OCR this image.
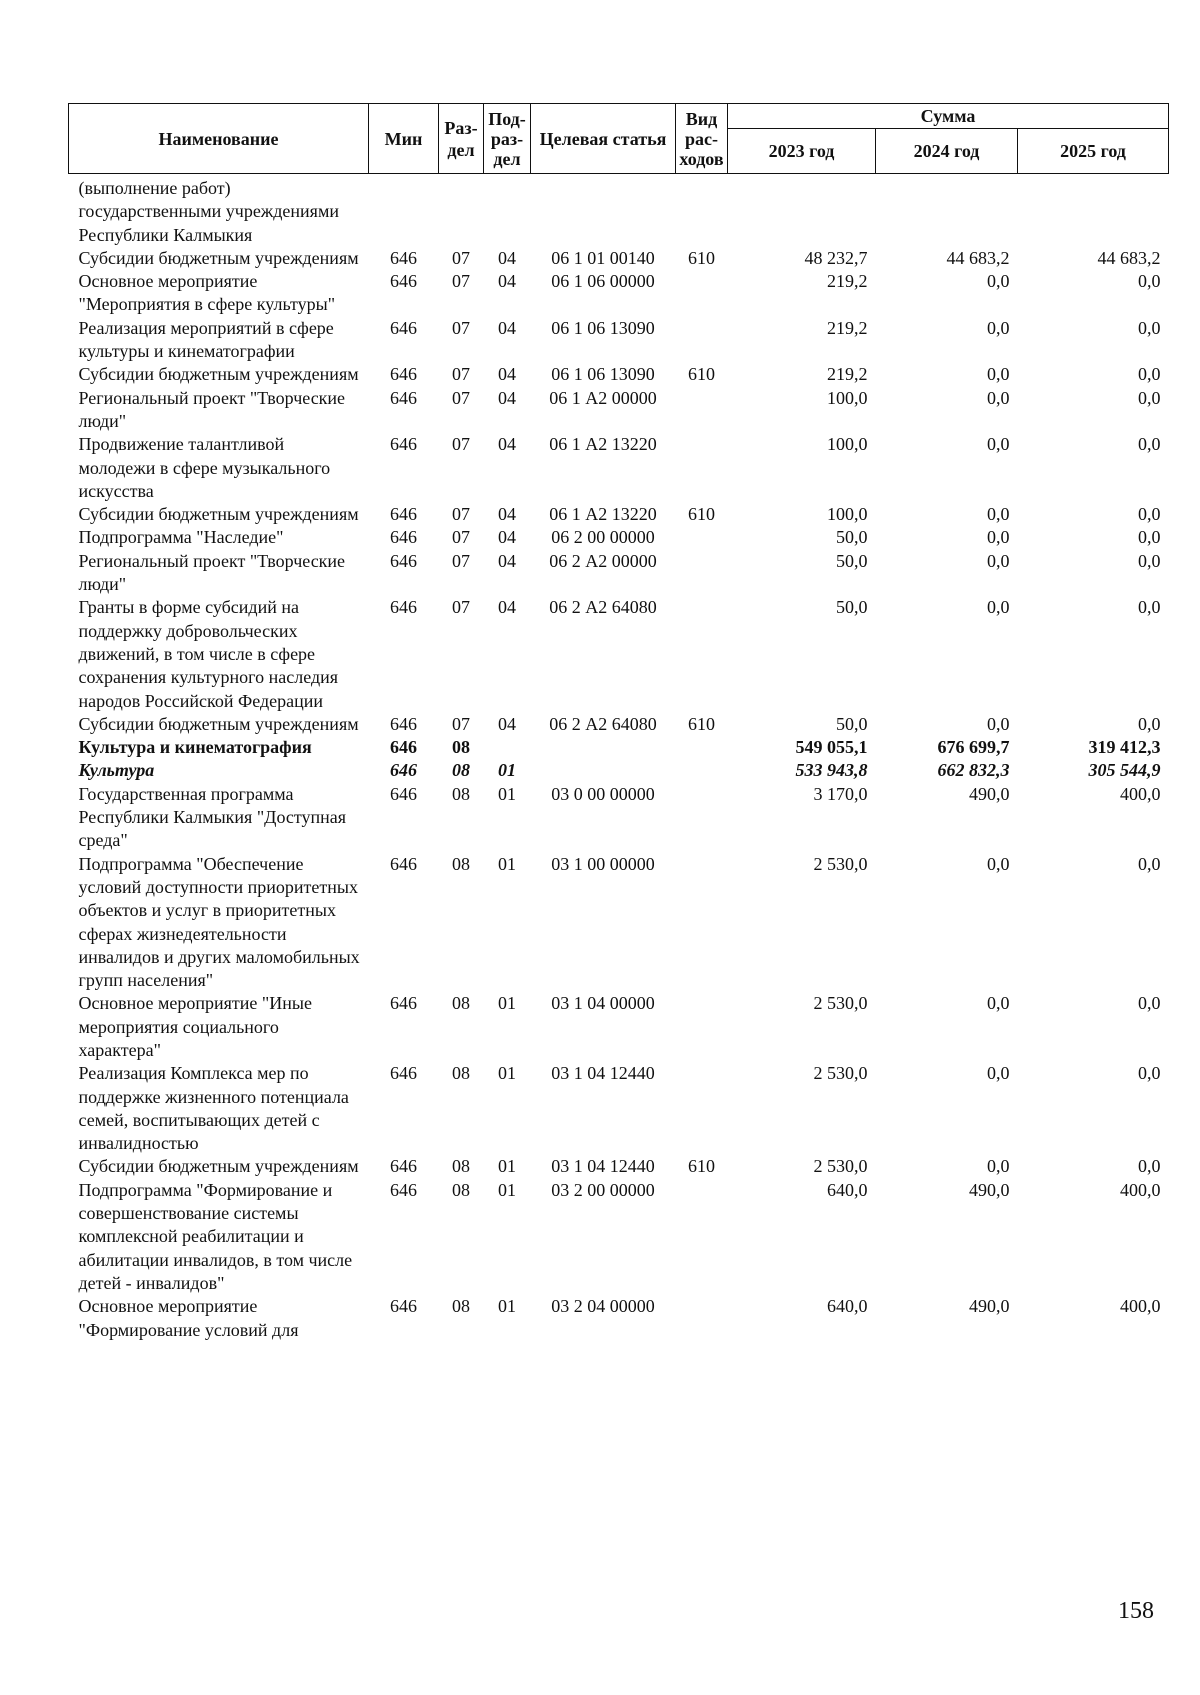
Наименование	Мин	Раз-дел	Под-раз-дел	Целевая статья	Вид рас-ходов	Сумма		
						2023 год	2024 год	2025 год
(выполнение работ) государственными учреждениями Республики Калмыкия								
Субсидии бюджетным учреждениям	646	07	04	06 1 01 00140	610	48 232,7	44 683,2	44 683,2
Основное мероприятие "Мероприятия в сфере культуры"	646	07	04	06 1 06 00000		219,2	0,0	0,0
Реализация мероприятий в сфере культуры и кинематографии	646	07	04	06 1 06 13090		219,2	0,0	0,0
Субсидии бюджетным учреждениям	646	07	04	06 1 06 13090	610	219,2	0,0	0,0
Региональный проект "Творческие люди"	646	07	04	06 1 А2 00000		100,0	0,0	0,0
Продвижение талантливой молодежи в сфере музыкального искусства	646	07	04	06 1 А2 13220		100,0	0,0	0,0
Субсидии бюджетным учреждениям	646	07	04	06 1 А2 13220	610	100,0	0,0	0,0
Подпрограмма "Наследие"	646	07	04	06 2 00 00000		50,0	0,0	0,0
Региональный проект "Творческие люди"	646	07	04	06 2 А2 00000		50,0	0,0	0,0
Гранты в форме субсидий на поддержку добровольческих движений, в том числе в сфере сохранения культурного наследия народов Российской Федерации	646	07	04	06 2 А2 64080		50,0	0,0	0,0
Субсидии бюджетным учреждениям	646	07	04	06 2 А2 64080	610	50,0	0,0	0,0
Культура и кинематография	646	08				549 055,1	676 699,7	319 412,3
Культура	646	08	01			533 943,8	662 832,3	305 544,9
Государственная программа Республики Калмыкия "Доступная среда"	646	08	01	03 0 00 00000		3 170,0	490,0	400,0
Подпрограмма "Обеспечение условий доступности приоритетных объектов и услуг в приоритетных сферах жизнедеятельности инвалидов и других маломобильных групп населения"	646	08	01	03 1 00 00000		2 530,0	0,0	0,0
Основное мероприятие "Иные мероприятия социального характера"	646	08	01	03 1 04 00000		2 530,0	0,0	0,0
Реализация Комплекса мер по поддержке жизненного потенциала семей, воспитывающих детей с инвалидностью	646	08	01	03 1 04 12440		2 530,0	0,0	0,0
Субсидии бюджетным учреждениям	646	08	01	03 1 04 12440	610	2 530,0	0,0	0,0
Подпрограмма "Формирование и совершенствование системы комплексной реабилитации и абилитации инвалидов, в том числе детей - инвалидов"	646	08	01	03 2 00 00000		640,0	490,0	400,0
Основное мероприятие "Формирование условий для	646	08	01	03 2 04 00000		640,0	490,0	400,0
158
